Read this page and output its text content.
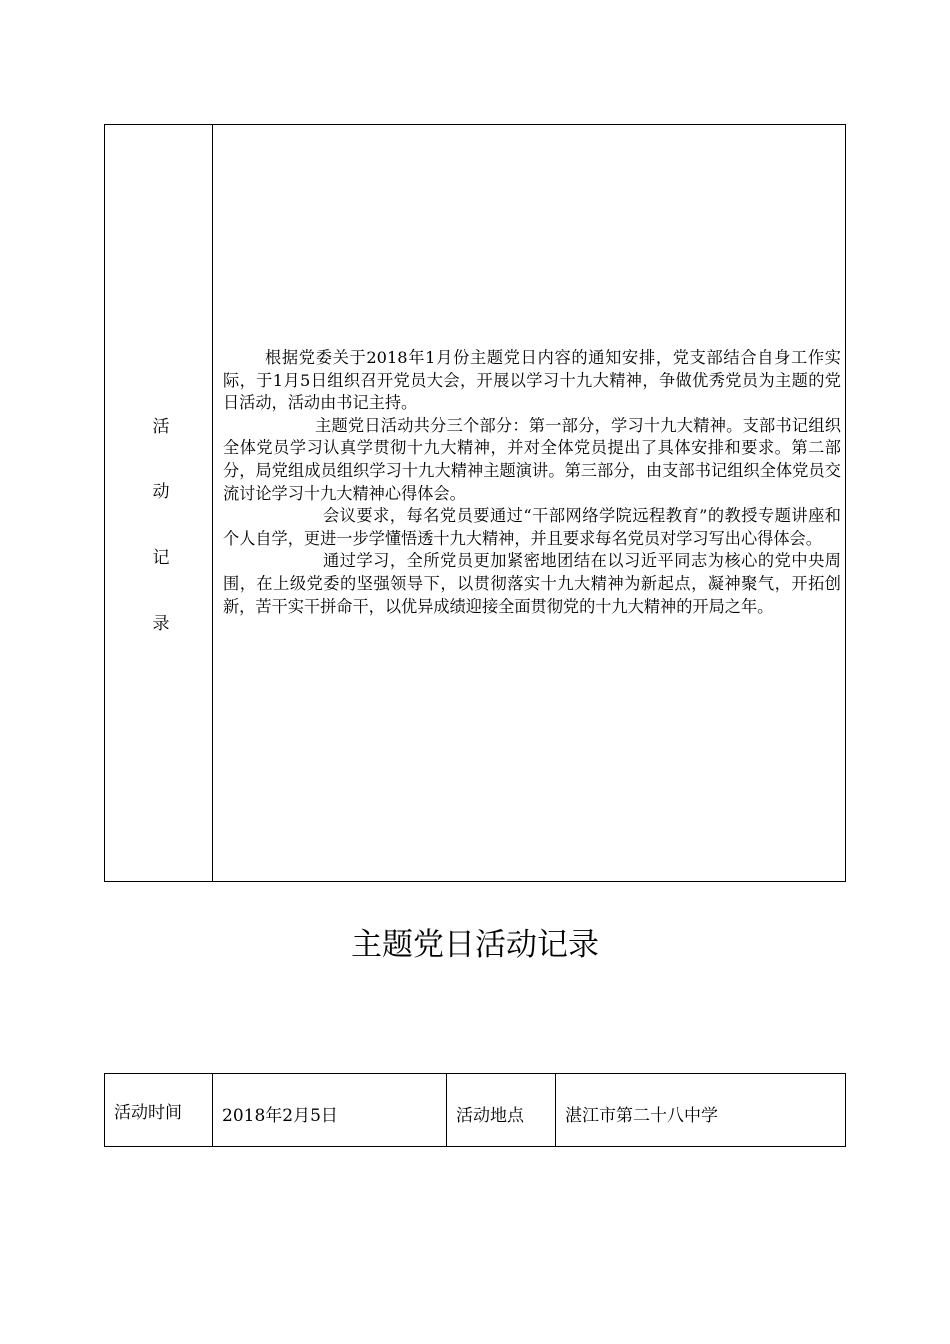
活
动
记
录

根据党委关于2018年1月份主题党日内容的通知安排，党支部结合自身工作实际，于1月5日组织召开党员大会，开展以学习十九大精神，争做优秀党员为主题的党日活动，活动由书记主持。

主题党日活动共分三个部分：第一部分，学习十九大精神。支部书记组织全体党员学习认真学贯彻十九大精神，并对全体党员提出了具体安排和要求。第二部分，局党组成员组织学习十九大精神主题演讲。第三部分，由支部书记组织全体党员交流讨论学习十九大精神心得体会。

会议要求，每名党员要通过“干部网络学院远程教育”的教授专题讲座和个人自学，更进一步学懂悟透十九大精神，并且要求每名党员对学习写出心得体会。

通过学习，全所党员更加紧密地团结在以习近平同志为核心的党中央周围，在上级党委的坚强领导下，以贯彻落实十九大精神为新起点，凝神聚气，开拓创新，苦干实干拼命干，以优异成绩迎接全面贯彻党的十九大精神的开局之年。

主题党日活动记录
活动时间 2018年2月5日	活动地点 湛江市第二十八中学
